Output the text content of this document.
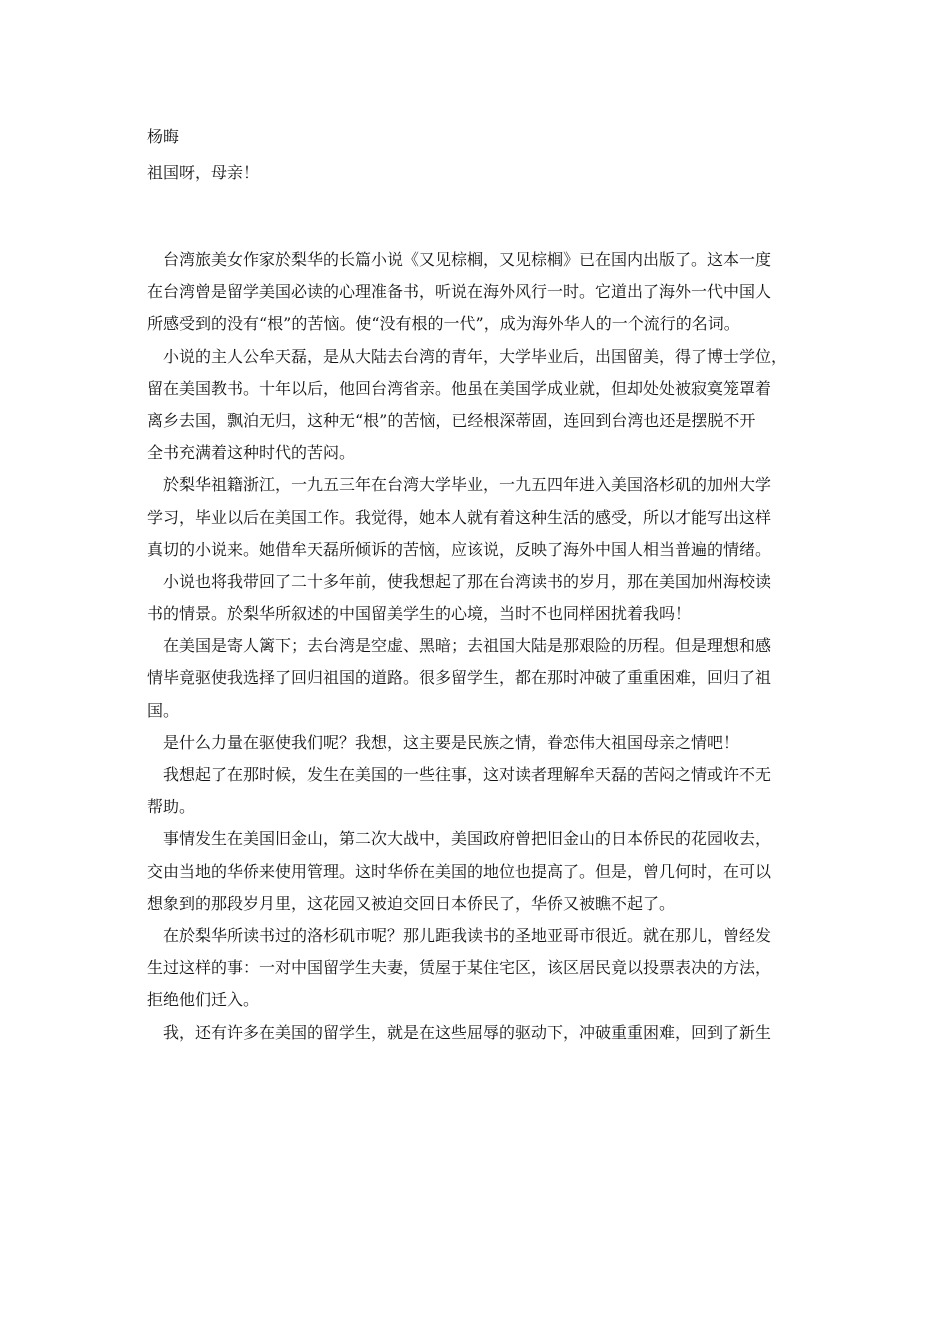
杨晦
祖国呀，母亲！
　台湾旅美女作家於梨华的长篇小说《又见棕榈，又见棕榈》已在国内出版了。这本一度
在台湾曾是留学美国必读的心理准备书，听说在海外风行一时。它道出了海外一代中国人
所感受到的没有“根”的苦恼。使“没有根的一代”，成为海外华人的一个流行的名词。
　小说的主人公牟天磊，是从大陆去台湾的青年，大学毕业后，出国留美，得了博士学位，
留在美国教书。十年以后，他回台湾省亲。他虽在美国学成业就，但却处处被寂寞笼罩着
离乡去国，飘泊无归，这种无“根”的苦恼，已经根深蒂固，连回到台湾也还是摆脱不开
全书充满着这种时代的苦闷。
　於梨华祖籍浙江，一九五三年在台湾大学毕业，一九五四年进入美国洛杉矶的加州大学
学习，毕业以后在美国工作。我觉得，她本人就有着这种生活的感受，所以才能写出这样
真切的小说来。她借牟天磊所倾诉的苦恼，应该说，反映了海外中国人相当普遍的情绪。
　小说也将我带回了二十多年前，使我想起了那在台湾读书的岁月，那在美国加州海校读
书的情景。於梨华所叙述的中国留美学生的心境，当时不也同样困扰着我吗！
　在美国是寄人篱下；去台湾是空虚、黑暗；去祖国大陆是那艰险的历程。但是理想和感
情毕竟驱使我选择了回归祖国的道路。很多留学生，都在那时冲破了重重困难，回归了祖
国。
　是什么力量在驱使我们呢？我想，这主要是民族之情，眷恋伟大祖国母亲之情吧！
　我想起了在那时候，发生在美国的一些往事，这对读者理解牟天磊的苦闷之情或许不无
帮助。
　事情发生在美国旧金山，第二次大战中，美国政府曾把旧金山的日本侨民的花园收去，
交由当地的华侨来使用管理。这时华侨在美国的地位也提高了。但是，曾几何时，在可以
想象到的那段岁月里，这花园又被迫交回日本侨民了，华侨又被瞧不起了。
　在於梨华所读书过的洛杉矶市呢？那儿距我读书的圣地亚哥市很近。就在那儿，曾经发
生过这样的事：一对中国留学生夫妻，赁屋于某住宅区，该区居民竟以投票表决的方法，
拒绝他们迁入。
　我，还有许多在美国的留学生，就是在这些屈辱的驱动下，冲破重重困难，回到了新生
